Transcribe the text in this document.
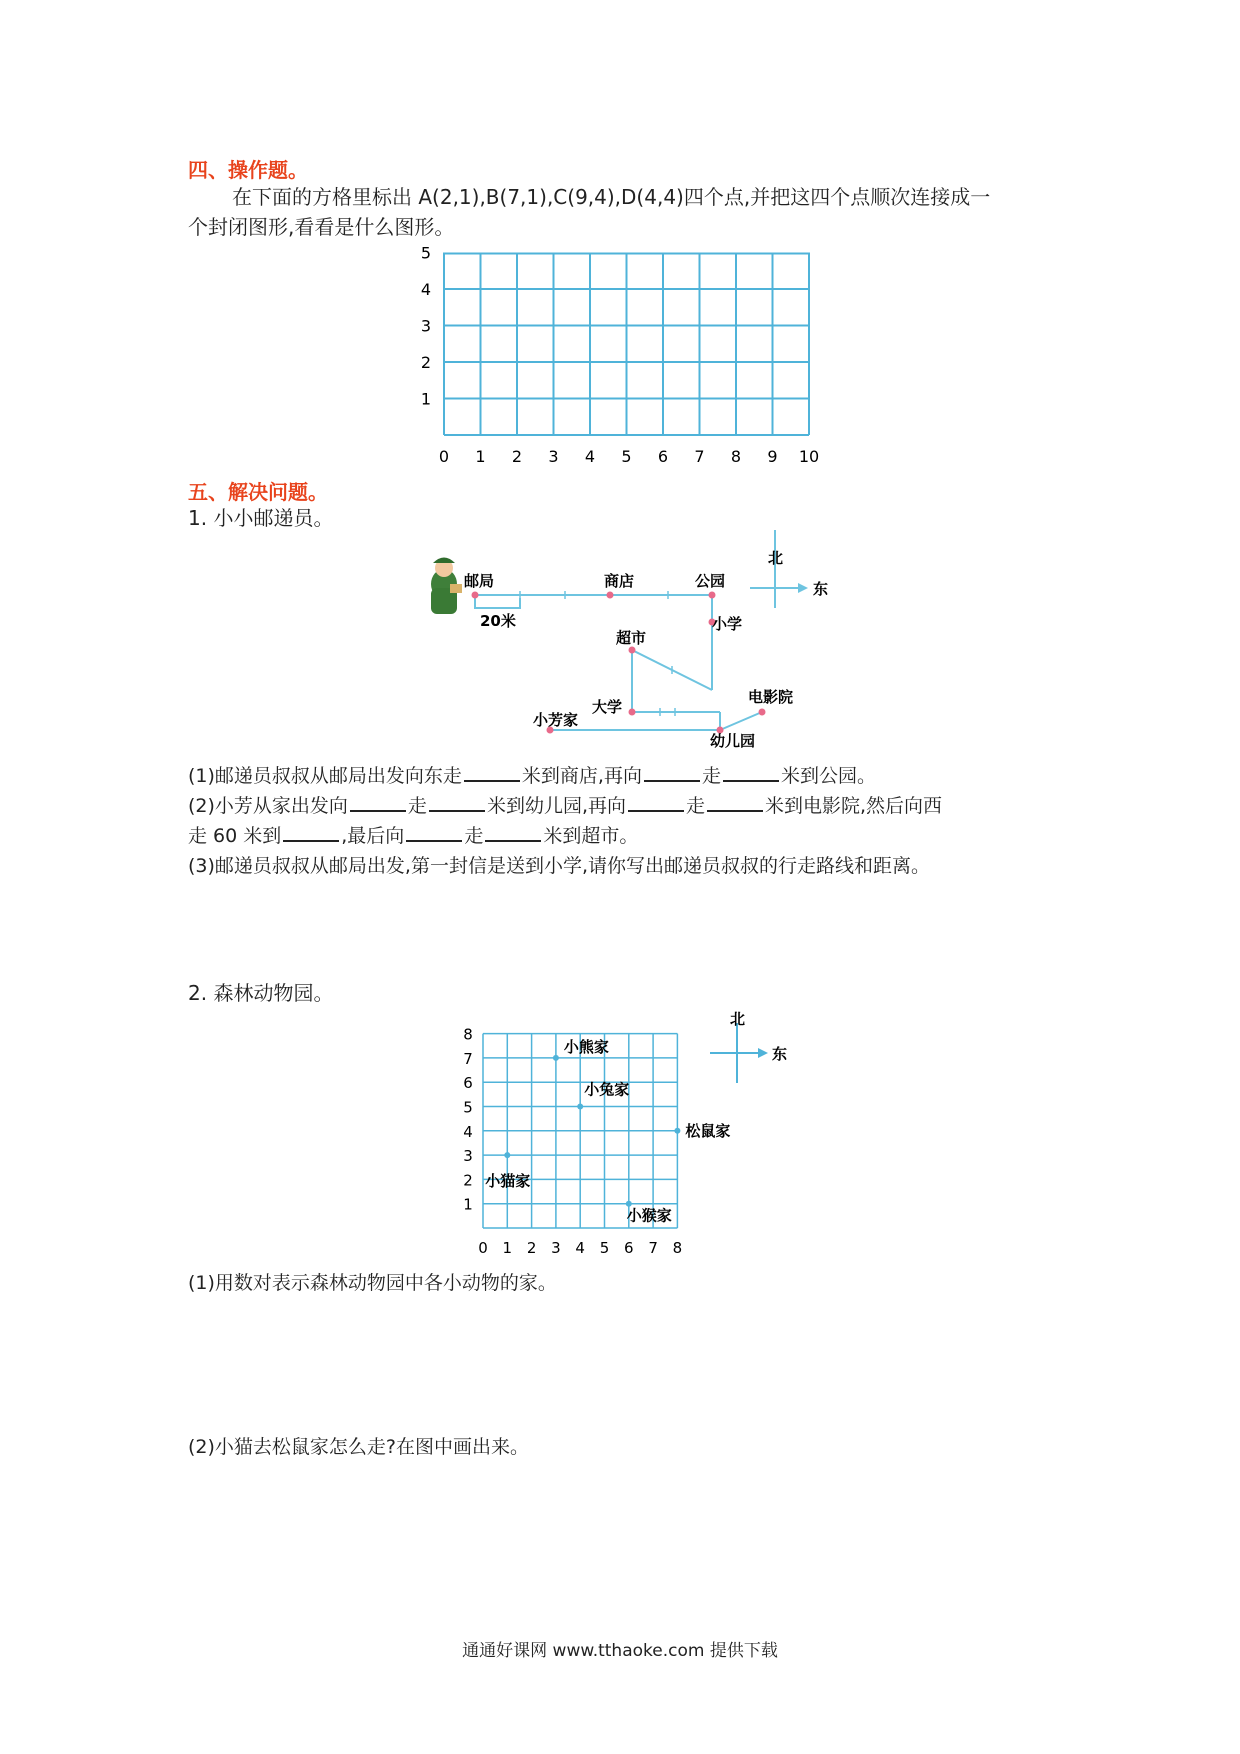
四、操作题。
在下面的方格里标出 A(2,1),B(7,1),C(9,4),D(4,4)四个点,并把这四个点顺次连接成一
个封闭图形,看看是什么图形。
0 1 2 3 4 5 6 7 8 9 10
1
2
3
4
5
五、解决问题。
1. 小小邮递员。
北
东
邮局	商店	公园
小学
超市
大学
电影院
小芳家
幼儿园
20米
(1)邮递员叔叔从邮局出发向东走	米到商店,再向	走	米到公园。
(2)小芳从家出发向	走	米到幼儿园,再向	走	米到电影院,然后向西
走 60 米到	,最后向	走	米到超市。
(3)邮递员叔叔从邮局出发,第一封信是送到小学,请你写出邮递员叔叔的行走路线和距离。
2. 森林动物园。
0 1 2 3 4 5 6 7 8
1
2
3
4
5
6
7
8
小熊家
小兔家
松鼠家
小猫家
小猴家
北
东
(1)用数对表示森林动物园中各小动物的家。
(2)小猫去松鼠家怎么走?在图中画出来。
通通好课网 www.tthaoke.com 提供下载
